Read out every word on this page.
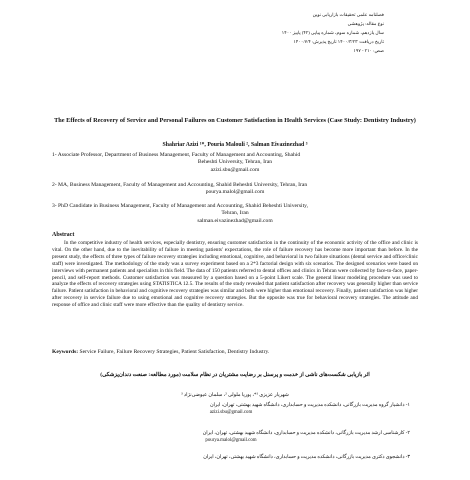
فصلنامه علمی تحقیقات بازاریابی نوین
نوع مقاله: پژوهشی
سال یازدهم، شماره سوم، شماره پیاپی (۴۲) پاییز ۱۴۰۰
تاریخ دریافت: ۱۴۰۰/۳/۲۳ تاریخ پذیرش: ۱۴۰۰/۷/۴
صص: ۲۱۰ - ۱۹۷
The Effects of Recovery of Service and Personal Failures on Customer Satisfaction in Health Services (Case Study: Dentistry Industry)
Shahriar Azizi ¹*, Pouria Malouli ², Salman Eivazinezhad ³
1- Associate Professor, Department of Business Management, Faculty of Management and Accounting, Shahid
Beheshti University, Tehran, Iran
azizi.sbu@gmail.com
2- MA, Business Management, Faculty of Management and Accounting, Shahid Beheshti University, Tehran, Iran
pourya.malol@gmail.com
3- PhD Candidate in Business Management, Faculty of Management and Accounting, Shahid Beheshti University,
Tehran, Iran
salman.eivazinezhad@gmail.com
Abstract
In the competitive industry of health services, especially dentistry, ensuring customer satisfaction in the continuity of the economic activity of the office and clinic is vital. On the other hand, due to the inevitability of failure in meeting patients' expectations, the role of failure recovery has become more important than before. In the present study, the effects of three types of failure recovery strategies including emotional, cognitive, and behavioral in two failure situations (dental service and office/clinic staff) were investigated. The methodology of the study was a survey experiment based on a 2*3 factorial design with six scenarios. The designed scenarios were based on interviews with permanent patients and specialists in this field. The data of 150 patients referred to dental offices and clinics in Tehran were collected by face-to-face, paper-pencil, and self-report methods. Customer satisfaction was measured by a question based on a 5-point Likert scale. The general linear modeling procedure was used to analyze the effects of recovery strategies using STATISTICA 12.5. The results of the study revealed that patient satisfaction after recovery was generally higher than service failure. Patient satisfaction in behavioral and cognitive recovery strategies was similar and both were higher than emotional recovery. Finally, patient satisfaction was higher after recovery in service failure due to using emotional and cognitive recovery strategies. But the opposite was true for behavioral recovery strategies. The attitude and response of office and clinic staff were more effective than the quality of dentistry service.
Keywords: Service Failure, Failure Recovery Strategies, Patient Satisfaction, Dentistry Industry.
اثر بازیابی شکست‌های ناشی از خدمت و پرسنل بر رضایت مشتریان در نظام سلامت (مورد مطالعه: صنعت دندان‌پزشکی)
شهریار عزیزی ¹*، پوریا ملولی ²، سلمان عیوضی‌نژاد ³
۱- دانشیار گروه مدیریت بازرگانی، دانشکده مدیریت و حسابداری، دانشگاه شهید بهشتی، تهران، ایران
azizi.sbu@gmail.com
۲- کارشناسی ارشد مدیریت بازرگانی، دانشکده مدیریت و حسابداری، دانشگاه شهید بهشتی، تهران، ایران
pourya.malol@gmail.com
۳- دانشجوی دکتری مدیریت بازرگانی، دانشکده مدیریت و حسابداری، دانشگاه شهید بهشتی، تهران، ایران
